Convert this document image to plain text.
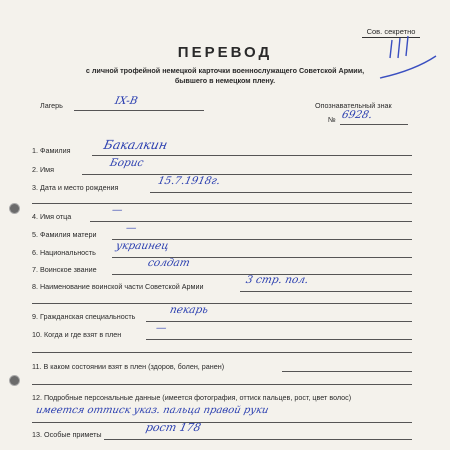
Сов. секретно
ПЕРЕВОД
с личной трофейной немецкой карточки военнослужащего Советской Армии,
бывшего в немецком плену.
Лагерь	IX-B	Опознавательный знак
№ 6928.
1. Фамилия
2. Имя
3. Дата и место рождения
4. Имя отца
5. Фамилия матери
6. Национальность
7. Воинское звание
8. Наименование воинской части Советской Армии
9. Гражданская специальность
10. Когда и где взят в плен
11. В каком состоянии взят в плен (здоров, болен, ранен)
12. Подробные персональные данные (имеется фотография, оттиск пальцев, рост, цвет волос)
13. Особые приметы
Бакалкин
Борис
15.7.1918г.
—
—
украинец
солдат
3 стр. пол.
пекарь
—
имеется оттиск указ. пальца правой руки
рост 178
